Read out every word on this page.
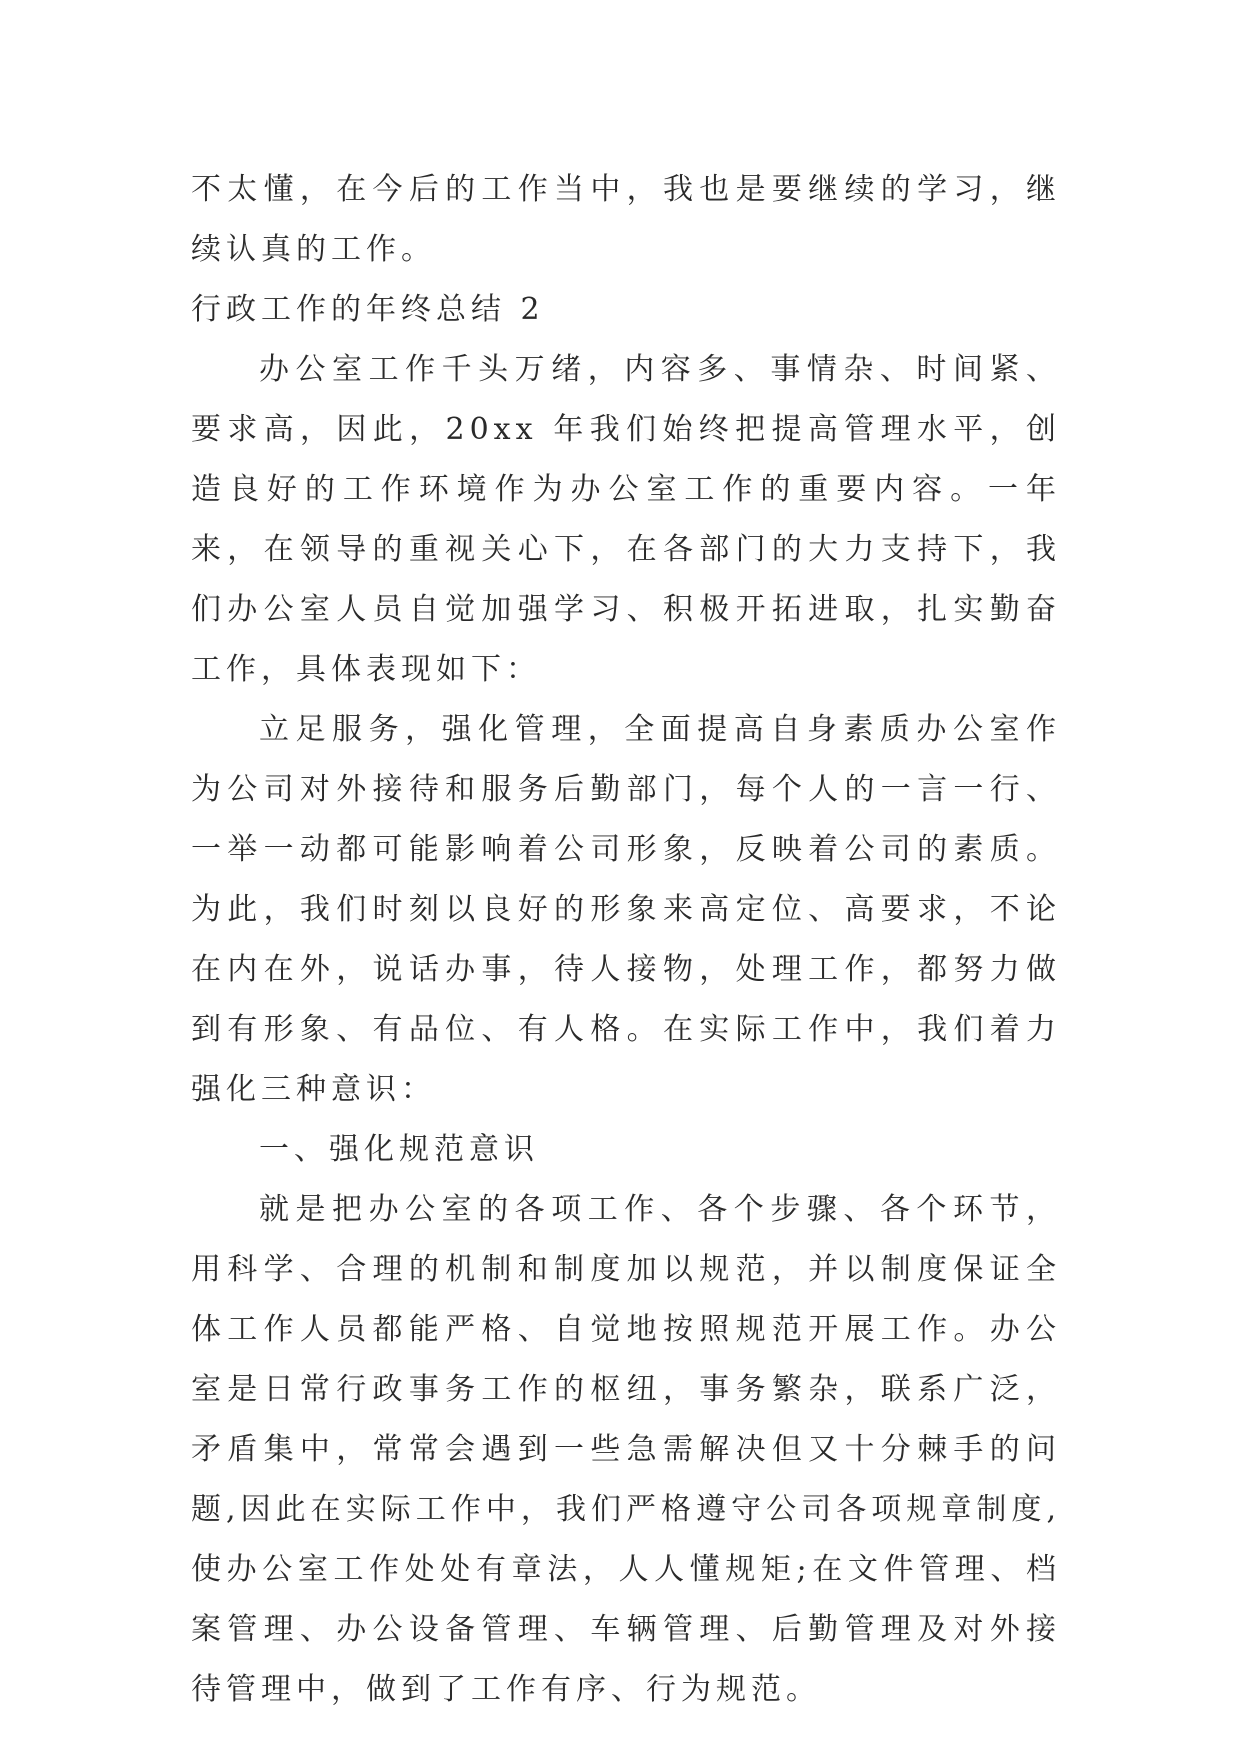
不太懂，在今后的工作当中，我也是要继续的学习，继续认真的工作。

行政工作的年终总结 2

办公室工作千头万绪，内容多、事情杂、时间紧、要求高，因此，20xx 年我们始终把提高管理水平，创造良好的工作环境作为办公室工作的重要内容。一年来，在领导的重视关心下，在各部门的大力支持下，我们办公室人员自觉加强学习、积极开拓进取，扎实勤奋工作，具体表现如下：

立足服务，强化管理，全面提高自身素质办公室作为公司对外接待和服务后勤部门，每个人的一言一行、一举一动都可能影响着公司形象，反映着公司的素质。为此，我们时刻以良好的形象来高定位、高要求，不论在内在外，说话办事，待人接物，处理工作，都努力做到有形象、有品位、有人格。在实际工作中，我们着力强化三种意识：

一、强化规范意识

就是把办公室的各项工作、各个步骤、各个环节，用科学、合理的机制和制度加以规范，并以制度保证全体工作人员都能严格、自觉地按照规范开展工作。办公室是日常行政事务工作的枢纽，事务繁杂，联系广泛，矛盾集中，常常会遇到一些急需解决但又十分棘手的问题,因此在实际工作中，我们严格遵守公司各项规章制度,使办公室工作处处有章法，人人懂规矩;在文件管理、档案管理、办公设备管理、车辆管理、后勤管理及对外接待管理中，做到了工作有序、行为规范。
